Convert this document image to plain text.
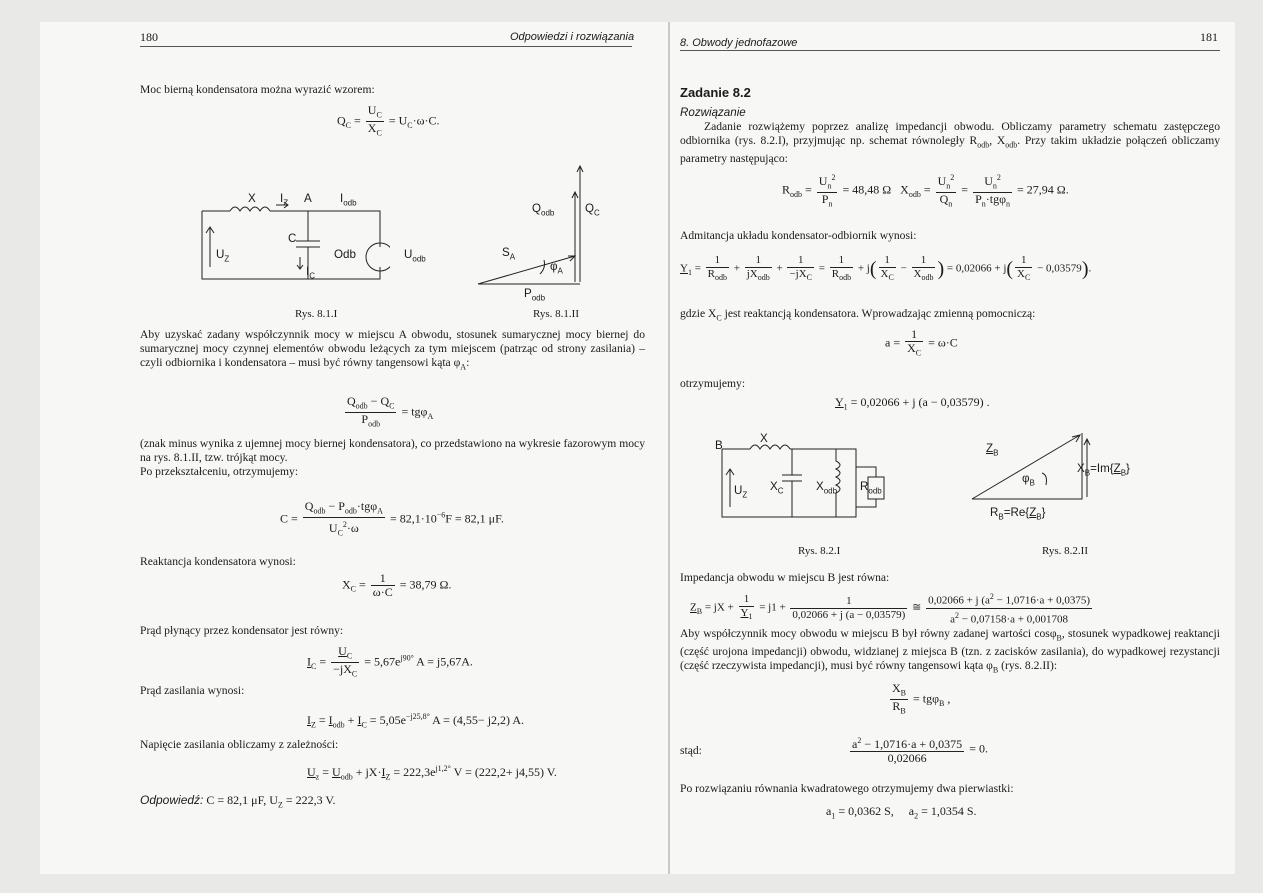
180	Odpowiedzi i rozwiązania
Moc bierną kondensatora można wyrazić wzorem:
$Q_C = \frac{U_C}{X_C} = U_C\cdot\omega\cdot C$.
X $I_Z$ A $I_{odb}$
$U_Z$
C
Odb	$U_{odb}$
$I_C$
Rys. 8.1.I
$Q_{odb}$	$Q_C$
$S_A$
$\varphi_A$
$P_{odb}$
Rys. 8.1.II

Aby uzyskać zadany współczynnik mocy w miejscu A obwodu, stosunek sumarycznej mocy biernej do sumarycznej mocy czynnej elementów obwodu leżących za tym miejscem (patrząc od strony zasilania) – czyli odbiornika i kondensatora – musi być równy tangensowi kąta $\varphi_A$:

$\frac{Q_{odb} - Q_C}{P_{odb}} = tg\varphi_A$

(znak minus wynika z ujemnej mocy biernej kondensatora), co przedstawiono na wykresie fazorowym mocy na rys. 8.1.II, tzw. trójkąt mocy.

Po przekształceniu, otrzymujemy:
$C = \frac{Q_{odb} - P_{odb}\cdot tg\varphi_A}{U_C^2\cdot\omega} = 82,1\cdot 10^{-6}F = 82,1$ μF.
Reaktancja kondensatora wynosi:
$X_C = \frac{1}{\omega\cdot C} = 38,79$ Ω.
Prąd płynący przez kondensator jest równy:
$I_C = \frac{U_C}{-jX_C} = 5,67e^{j90^\circ}$ A = j5,67A.
Prąd zasilania wynosi:
$I_Z = I_{odb} + I_C = 5,05e^{-j25,8^\circ}$ A = (4,55− j2,2) A.
Napięcie zasilania obliczamy z zależności:
$U_z = U_{odb} + jX\cdot I_Z = 222,3e^{j1,2^\circ}$ V = (222,2+ j4,55) V.
Odpowiedź: C = 82,1 μF, $U_Z = 222,3$ V.
8. Obwody jednofazowe	181
Zadanie 8.2
Rozwiązanie

Zadanie rozwiążemy poprzez analizę impedancji obwodu. Obliczamy parametry schematu zastępczego odbiornika (rys. 8.2.I), przyjmując np. schemat równoległy $R_{odb}$, $X_{odb}$. Przy takim układzie połączeń obliczamy parametry następująco:

$R_{odb} = \frac{U_n^2}{P_n} = 48,48$ Ω   $X_{odb} = \frac{U_n^2}{Q_n} = \frac{U_n^2}{P_n\cdot tg\varphi_n} = 27,94$ Ω.
Admitancja układu kondensator-odbiornik wynosi:
$Y_1 = \frac{1}{R_{odb}} + \frac{1}{jX_{odb}} + \frac{1}{-jX_C} = \frac{1}{R_{odb}} + j( \frac{1}{X_C} - \frac{1}{X_{odb}}$ ) = $0,02066 + j( \frac{1}{X_C} - 0,03579)$.
gdzie $X_C$ jest reaktancją kondensatora. Wprowadzając zmienną pomocniczą:
$a = \frac{1}{X_C} = \omega\cdot C$
otrzymujemy:
$Y_1 = 0,02066 + j$ (a − 0,03579) .
B
X
$U_Z$
$X_C$	$X_{odb}$ $R_{odb}$
Rys. 8.2.I
$Z_B$
$\varphi_B$
$X_B=Im\{Z_B\}$
$R_B=Re\{Z_B\}$
Rys. 8.2.II
Impedancja obwodu w miejscu B jest równa:
$Z_B$ = jX + $\frac{1}{Y_1} = j1 + \frac{1}{0,02066 + j (a - 0,03579)}$ ≅ $\frac{0,02066 + j (a^2 - 1,0716\cdot a + 0,0375)}{a^2 - 0,07158\cdot a + 0,001708}$

Aby współczynnik mocy obwodu w miejscu B był równy zadanej wartości cosφ$_B$, stosunek wypadkowej reaktancji (część urojona impedancji) obwodu, widzianej z miejsca B (tzn. z zacisków zasilania), do wypadkowej rezystancji (część rzeczywista impedancji), musi być równy tangensowi kąta $\varphi_B$ (rys. 8.2.II):

$\frac{X_B}{R_B} = tg\varphi_B$ ,
stąd:	$\frac{a^2 - 1,0716\cdot a + 0,0375}{0,02066} = 0$.
Po rozwiązaniu równania kwadratowego otrzymujemy dwa pierwiastki:
$a_1 = 0,0362$ S,     $a_2 = 1,0354$ S.
